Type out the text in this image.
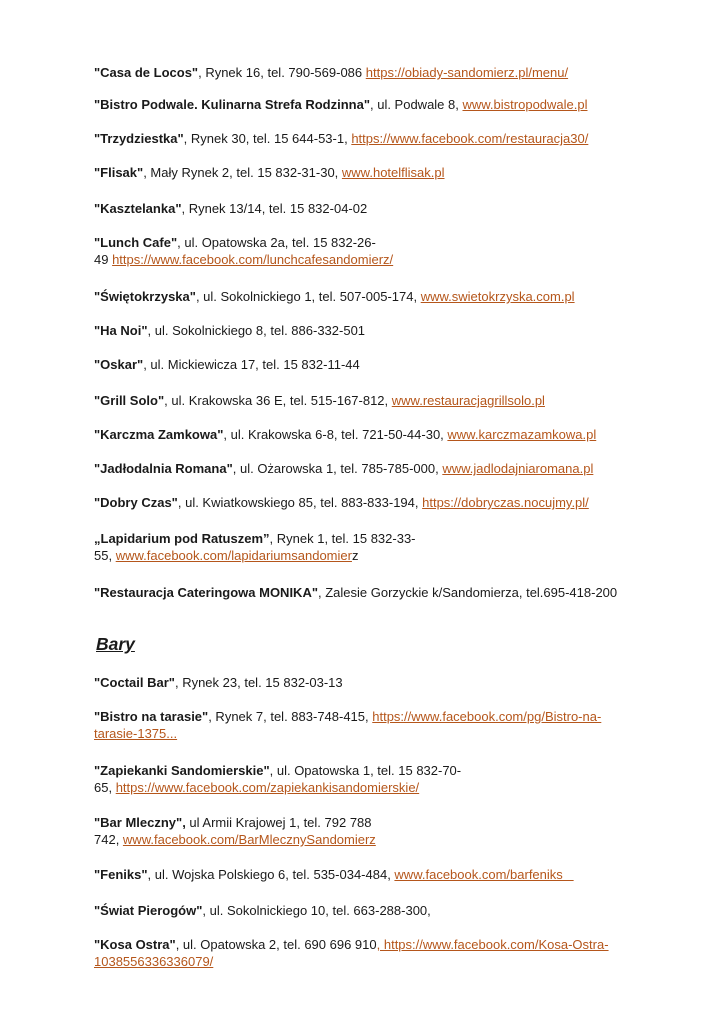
"Casa de Locos", Rynek 16, tel. 790-569-086 https://obiady-sandomierz.pl/menu/
"Bistro Podwale. Kulinarna Strefa Rodzinna", ul. Podwale 8, www.bistropodwale.pl
"Trzydziestka", Rynek 30, tel. 15 644-53-1, https://www.facebook.com/restauracja30/
"Flisak", Mały Rynek 2, tel. 15 832-31-30, www.hotelflisak.pl
"Kasztelanka", Rynek 13/14, tel. 15 832-04-02
"Lunch Cafe", ul. Opatowska 2a, tel. 15 832-26-
49 https://www.facebook.com/lunchcafesandomierz/
"Świętokrzyska", ul. Sokolnickiego 1, tel. 507-005-174, www.swietokrzyska.com.pl
"Ha Noi", ul. Sokolnickiego 8, tel. 886-332-501
"Oskar", ul. Mickiewicza 17, tel. 15 832-11-44
"Grill Solo", ul. Krakowska 36 E, tel. 515-167-812, www.restauracjagrillsolo.pl
"Karczma Zamkowa", ul. Krakowska 6-8, tel. 721-50-44-30, www.karczmazamkowa.pl
"Jadłodalnia Romana", ul. Ożarowska 1, tel. 785-785-000, www.jadlodajniaromana.pl
"Dobry Czas", ul. Kwiatkowskiego 85, tel. 883-833-194, https://dobryczas.nocujmy.pl/
„Lapidarium pod Ratuszem”, Rynek 1, tel. 15 832-33-
55, www.facebook.com/lapidariumsandomierz
"Restauracja Cateringowa MONIKA", Zalesie Gorzyckie k/Sandomierza, tel.695-418-200
Bary
"Coctail Bar", Rynek 23, tel. 15 832-03-13
"Bistro na tarasie", Rynek 7, tel. 883-748-415, https://www.facebook.com/pg/Bistro-na-
tarasie-1375...
"Zapiekanki Sandomierskie", ul. Opatowska 1, tel. 15 832-70-
65, https://www.facebook.com/zapiekankisandomierskie/
"Bar Mleczny", ul Armii Krajowej 1, tel. 792 788
742, www.facebook.com/BarMlecznySandomierz
"Feniks", ul. Wojska Polskiego 6, tel. 535-034-484, www.facebook.com/barfeniks
"Świat Pierogów", ul. Sokolnickiego 10, tel. 663-288-300,
"Kosa Ostra", ul. Opatowska 2, tel. 690 696 910, https://www.facebook.com/Kosa-Ostra-
1038556336336079/
